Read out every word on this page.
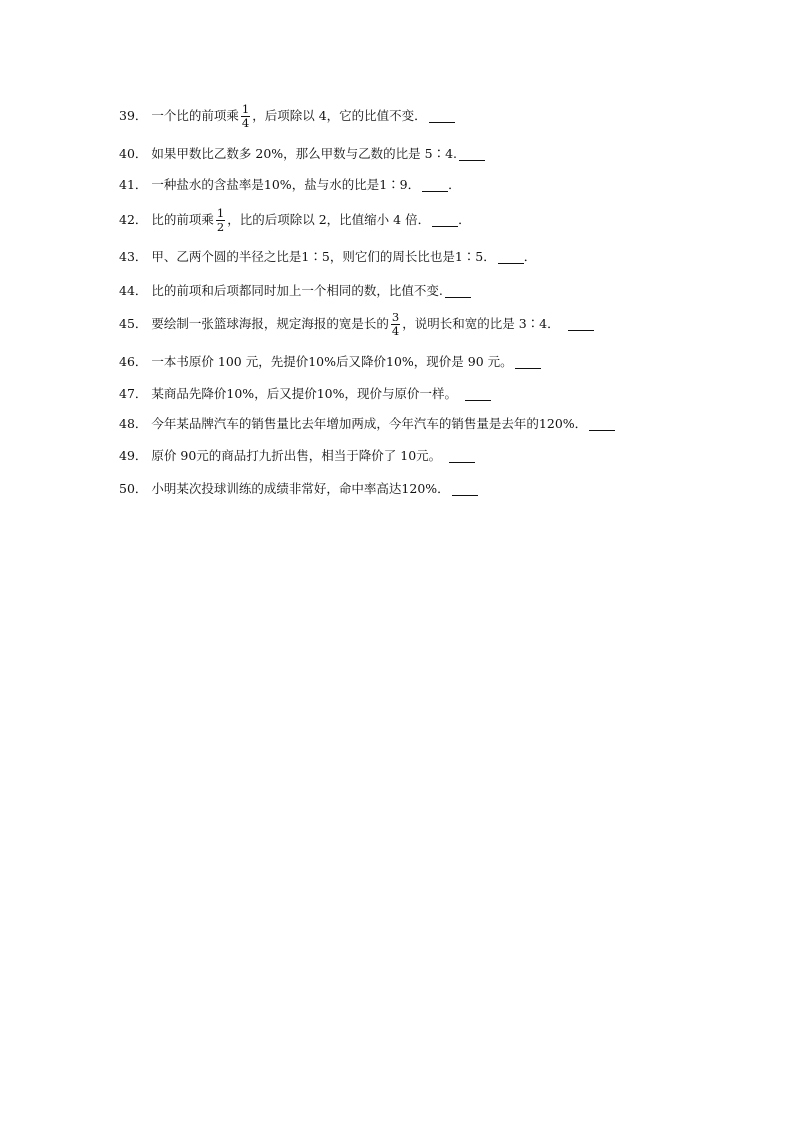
39． 一个比的前项乘 $\frac{1}{4}$ ，后项除以 4，它的比值不变．
40． 如果甲数比乙数多 20%，那么甲数与乙数的比是 5∶4.
41． 一种盐水的含盐率是10%，盐与水的比是1∶9． ．
42． 比的前项乘 $\frac{1}{2}$ ，比的后项除以 2，比值缩小 4 倍． ．
43． 甲、乙两个圆的半径之比是1∶5，则它们的周长比也是1∶5． ．
44． 比的前项和后项都同时加上一个相同的数，比值不变.
45． 要绘制一张篮球海报，规定海报的宽是长的 $\frac{3}{4}$ ，说明长和宽的比是 3∶4．　
46． 一本书原价 100 元，先提价10%后又降价10%，现价是 90 元。
47． 某商品先降价10%，后又提价10%，现价与原价一样。　
48． 今年某品牌汽车的销售量比去年增加两成，今年汽车的销售量是去年的120%．
49． 原价 90元的商品打九折出售，相当于降价了 10元。　
50． 小明某次投球训练的成绩非常好，命中率高达120%．
